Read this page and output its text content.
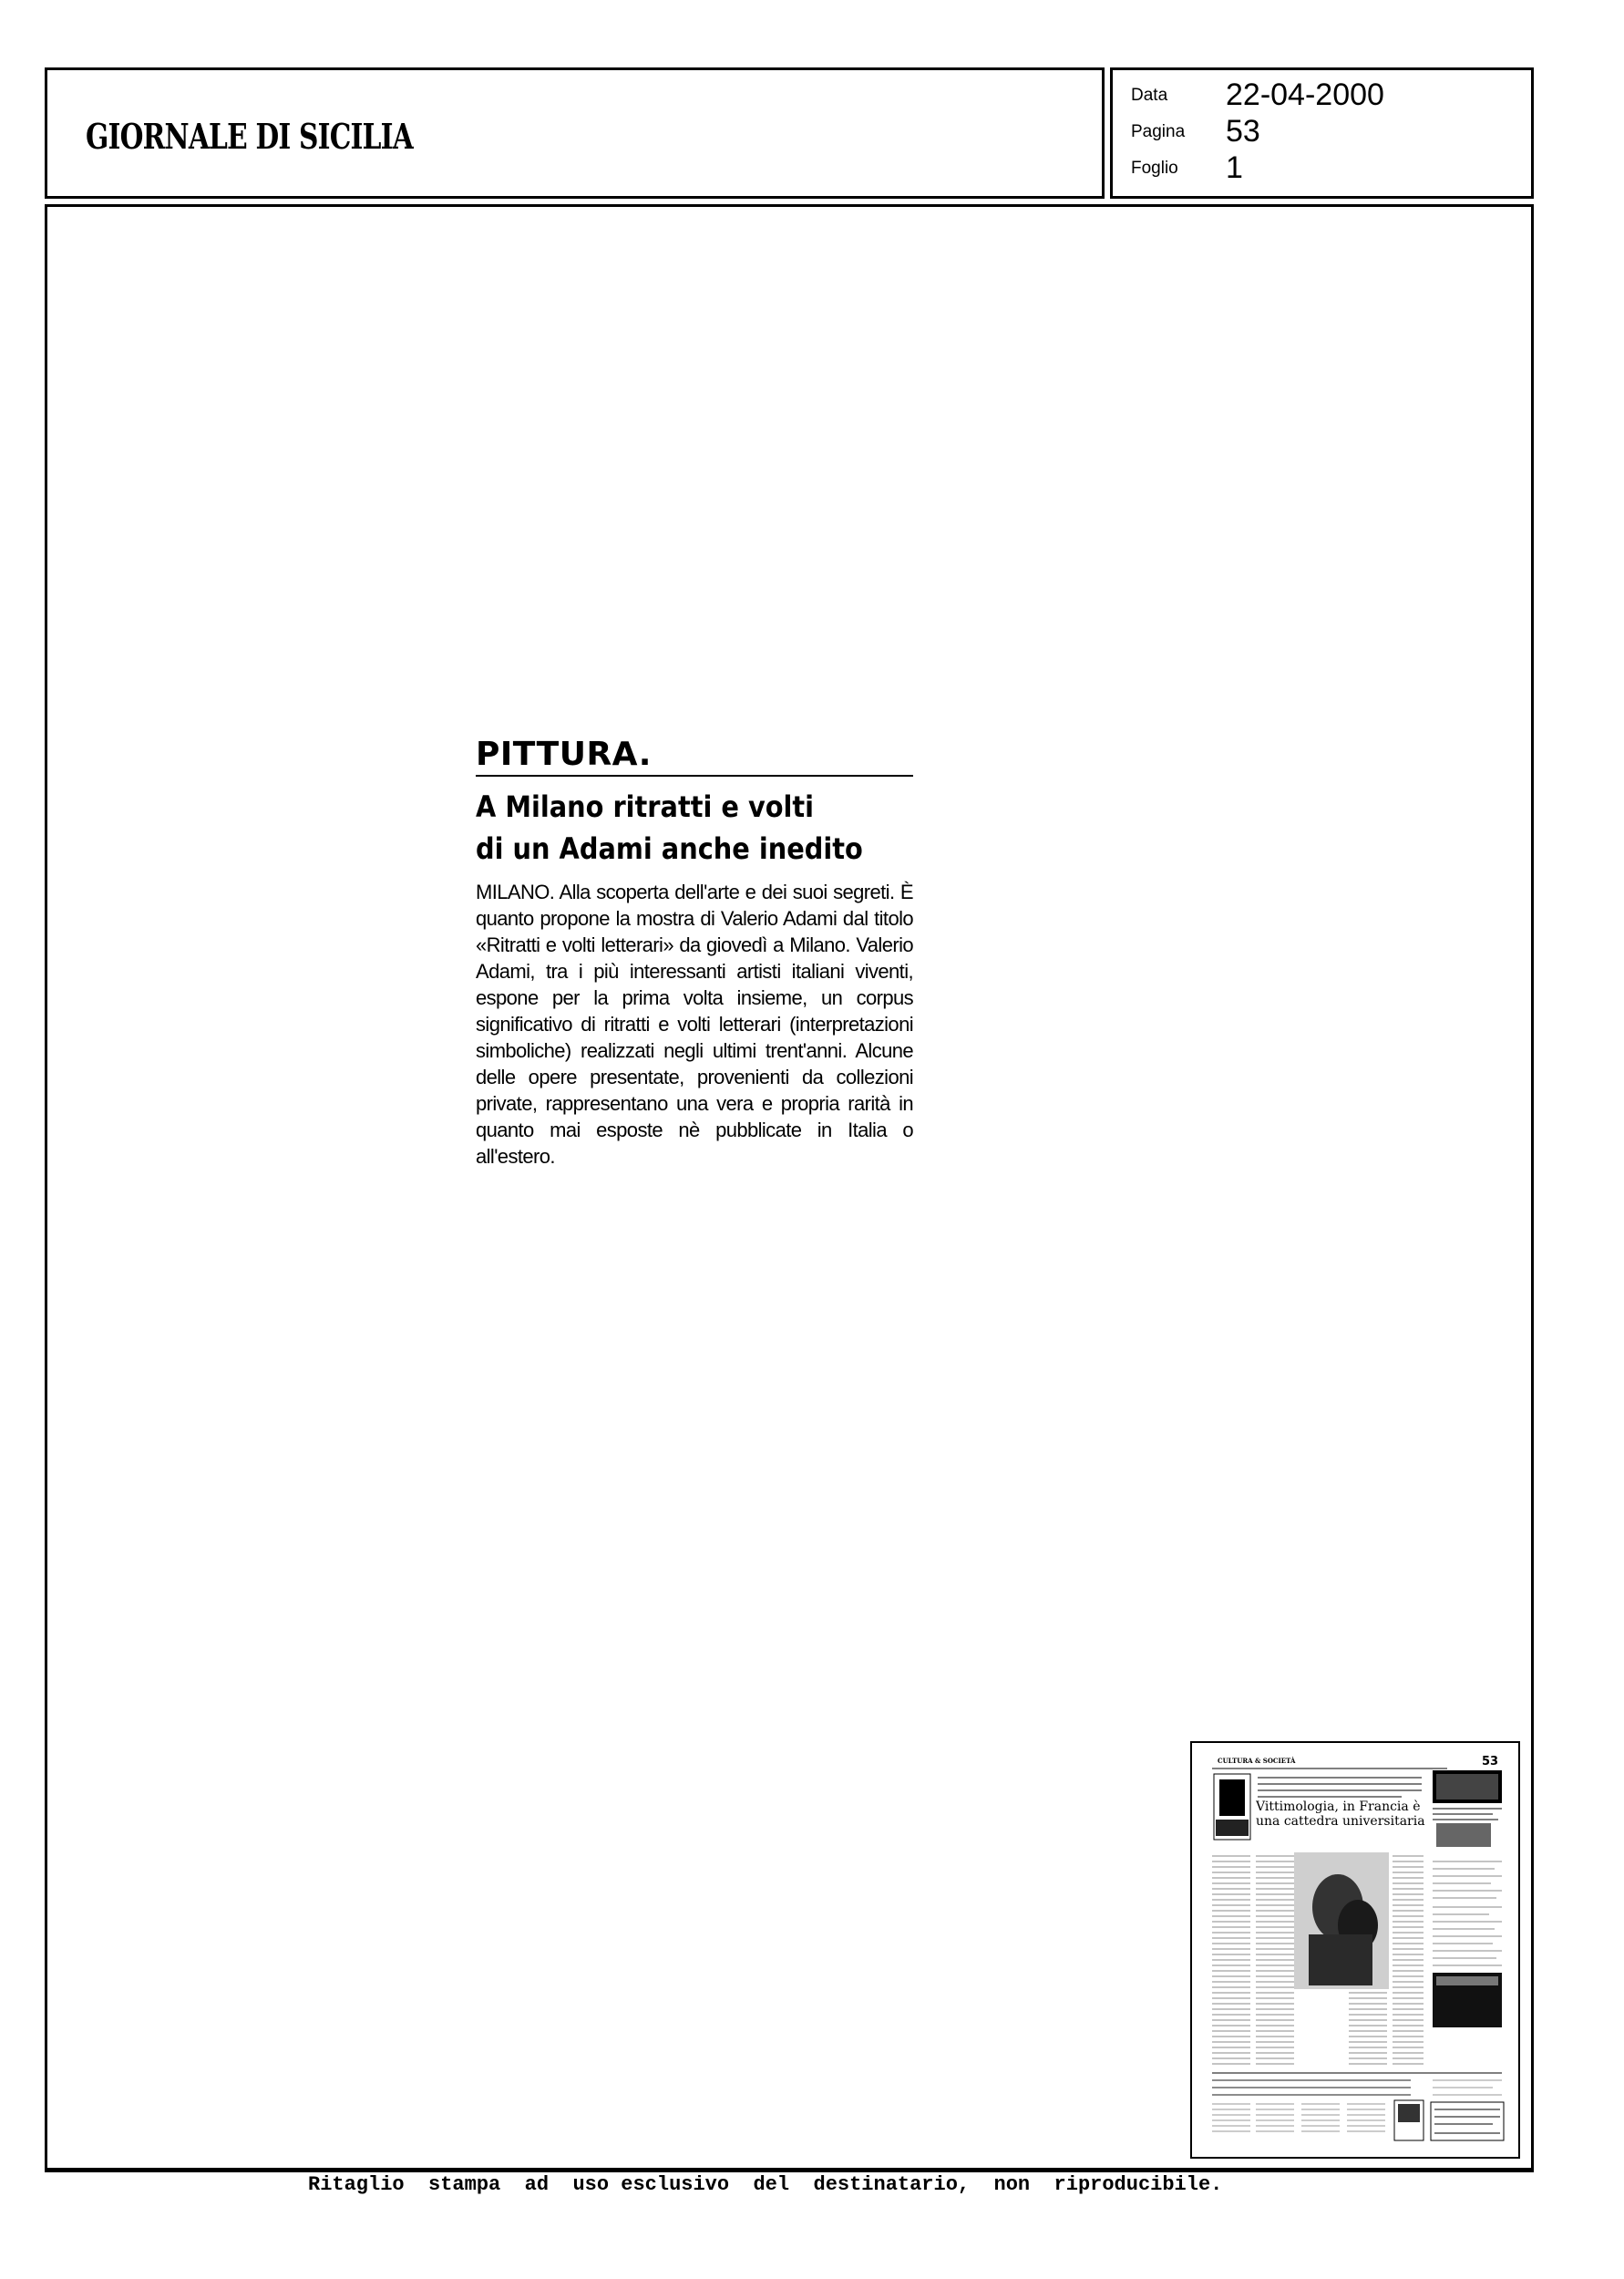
GIORNALE DI SICILIA
Data 22-04-2000
Pagina 53
Foglio 1
PITTURA.
A Milano ritratti e volti
di un Adami anche inedito
MILANO. Alla scoperta dell'arte e dei suoi segreti. È quanto propone la mostra di Valerio Adami dal titolo «Ritratti e volti letterari» da giovedì a Milano. Valerio Adami, tra i più interessanti artisti italiani viventi, espone per la prima volta insieme, un corpus significativo di ritratti e volti letterari (interpretazioni simboliche) realizzati negli ultimi trent'anni. Alcune delle opere presentate, provenienti da collezioni private, rappresentano una vera e propria rarità in quanto mai esposte nè pubblicate in Italia o all'estero.
CULTURA & SOCIETÀ	53
Vittimologia, in Francia è una cattedra universitaria
Ritaglio  stampa  ad  uso esclusivo  del  destinatario,  non  riproducibile.
